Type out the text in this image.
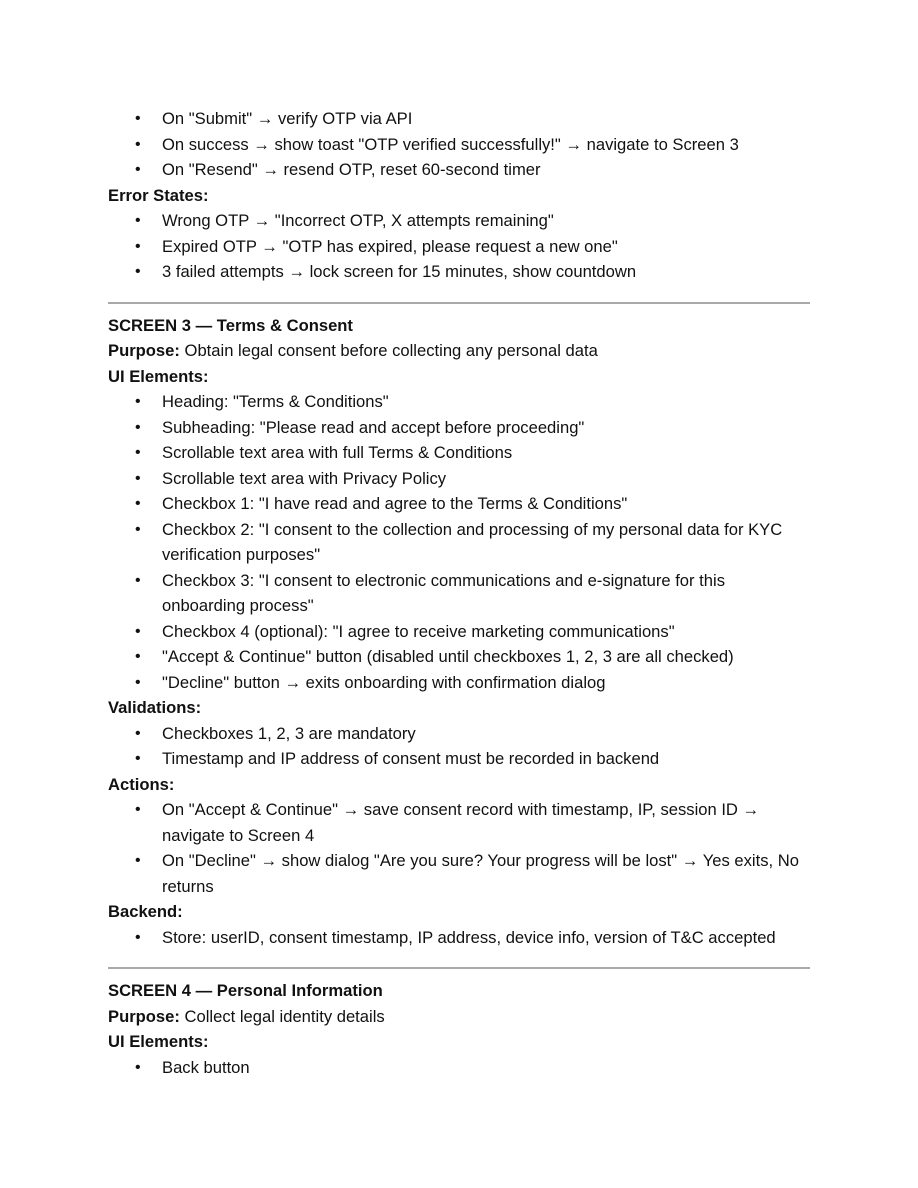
• On "Submit" → verify OTP via API
• On success → show toast "OTP verified successfully!" → navigate to Screen 3
• On "Resend" → resend OTP, reset 60-second timer
Error States:
• Wrong OTP → "Incorrect OTP, X attempts remaining"
• Expired OTP → "OTP has expired, please request a new one"
• 3 failed attempts → lock screen for 15 minutes, show countdown
SCREEN 3 — Terms & Consent
Purpose: Obtain legal consent before collecting any personal data
UI Elements:
• Heading: "Terms & Conditions"
• Subheading: "Please read and accept before proceeding"
• Scrollable text area with full Terms & Conditions
• Scrollable text area with Privacy Policy
• Checkbox 1: "I have read and agree to the Terms & Conditions"
• Checkbox 2: "I consent to the collection and processing of my personal data for KYC verification purposes"
• Checkbox 3: "I consent to electronic communications and e-signature for this onboarding process"
• Checkbox 4 (optional): "I agree to receive marketing communications"
• "Accept & Continue" button (disabled until checkboxes 1, 2, 3 are all checked)
• "Decline" button → exits onboarding with confirmation dialog
Validations:
• Checkboxes 1, 2, 3 are mandatory
• Timestamp and IP address of consent must be recorded in backend
Actions:
• On "Accept & Continue" → save consent record with timestamp, IP, session ID → navigate to Screen 4
• On "Decline" → show dialog "Are you sure? Your progress will be lost" → Yes exits, No returns
Backend:
• Store: userID, consent timestamp, IP address, device info, version of T&C accepted
SCREEN 4 — Personal Information
Purpose: Collect legal identity details
UI Elements:
• Back button
